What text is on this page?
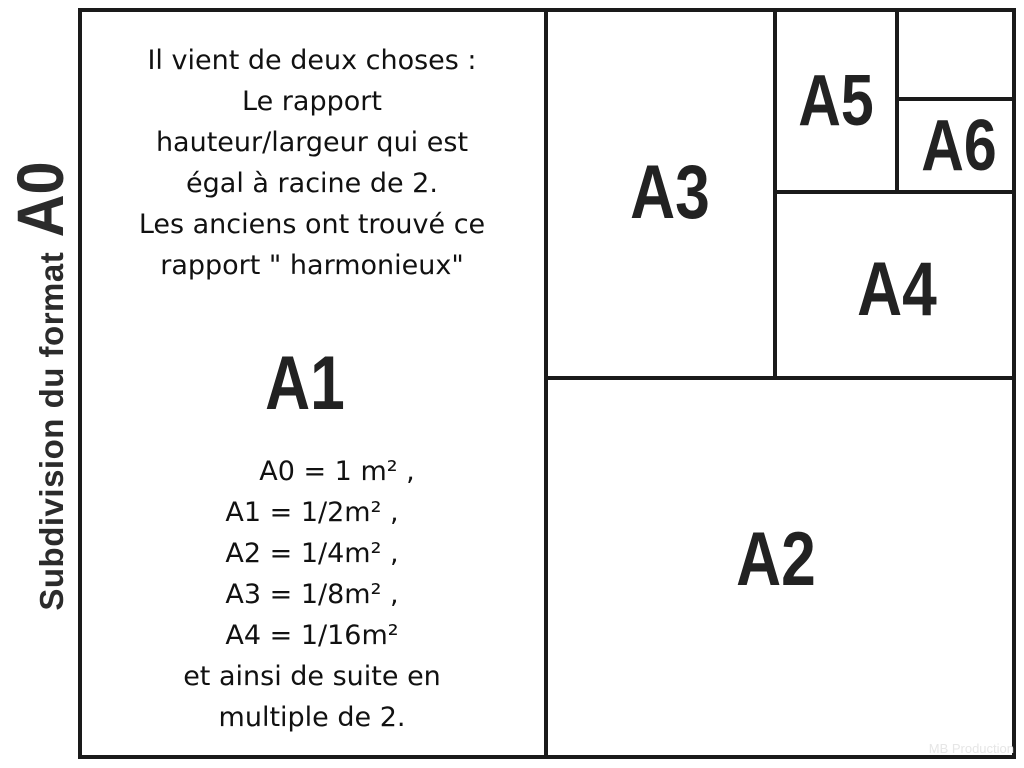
Subdivision du format
A0
A1
A2
A3
A4
A5
A6
Il vient de deux choses :
Le rapport
hauteur/largeur qui est
égal à racine de 2.
Les anciens ont trouvé ce
rapport " harmonieux"
A0 = 1 m² ,
A1 = 1/2m² ,
A2 = 1/4m² ,
A3 = 1/8m² ,
A4 = 1/16m²
et ainsi de suite en
multiple de 2.
MB Production
